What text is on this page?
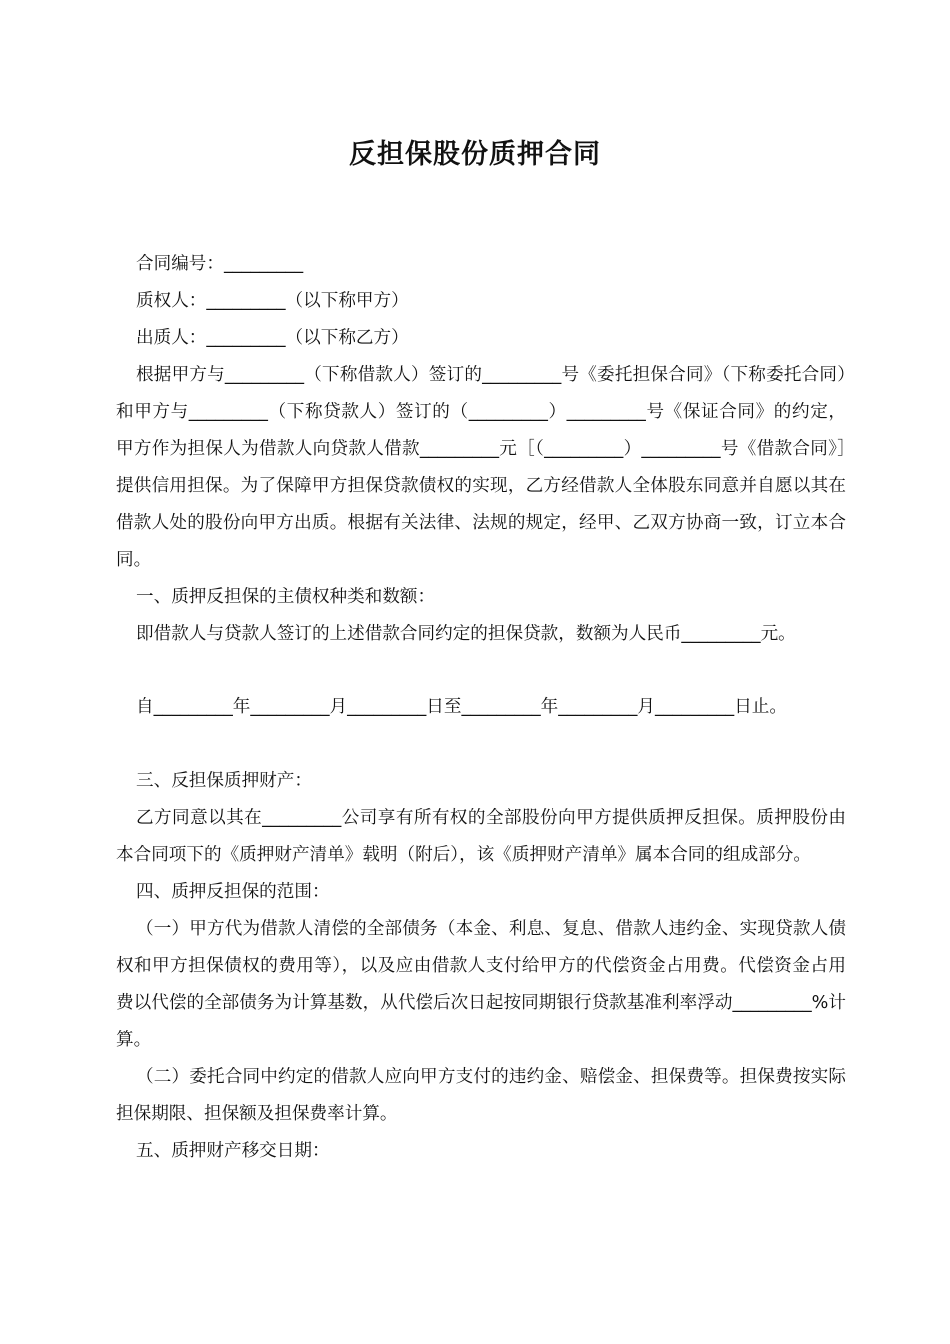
反担保股份质押合同

合同编号：_________

质权人：_________（以下称甲方）

出质人：_________（以下称乙方）

根据甲方与_________（下称借款人）签订的_________号《委托担保合同》（下称委托合同）和甲方与_________（下称贷款人）签订的（_________）_________号《保证合同》的约定，甲方作为担保人为借款人向贷款人借款_________元［（_________）_________号《借款合同》］提供信用担保。为了保障甲方担保贷款债权的实现，乙方经借款人全体股东同意并自愿以其在借款人处的股份向甲方出质。根据有关法律、法规的规定，经甲、乙双方协商一致，订立本合同。

一、质押反担保的主债权种类和数额：

即借款人与贷款人签订的上述借款合同约定的担保贷款，数额为人民币_________元。

自_________年_________月_________日至_________年_________月_________日止。

三、反担保质押财产：

乙方同意以其在_________公司享有所有权的全部股份向甲方提供质押反担保。质押股份由本合同项下的《质押财产清单》载明（附后），该《质押财产清单》属本合同的组成部分。

四、质押反担保的范围：

（一）甲方代为借款人清偿的全部债务（本金、利息、复息、借款人违约金、实现贷款人债权和甲方担保债权的费用等），以及应由借款人支付给甲方的代偿资金占用费。代偿资金占用费以代偿的全部债务为计算基数，从代偿后次日起按同期银行贷款基准利率浮动_________%计算。

（二）委托合同中约定的借款人应向甲方支付的违约金、赔偿金、担保费等。担保费按实际担保期限、担保额及担保费率计算。

五、质押财产移交日期：
